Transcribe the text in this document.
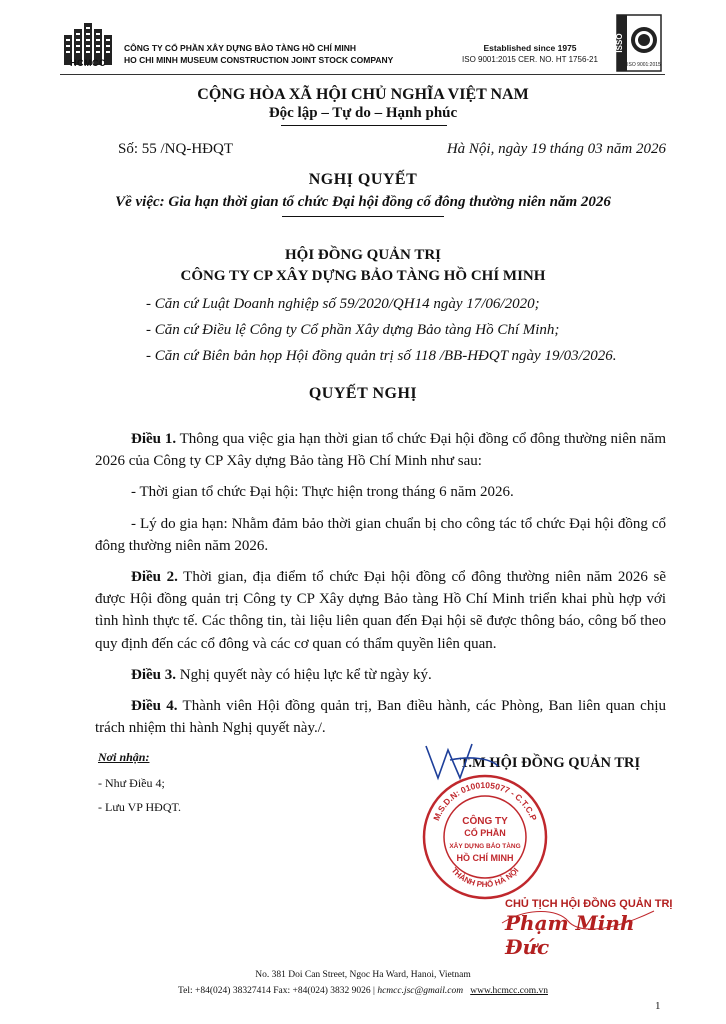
HCMCC
CÔNG TY CỔ PHẦN XÂY DỰNG BẢO TÀNG HỒ CHÍ MINH
HO CHI MINH MUSEUM CONSTRUCTION JOINT STOCK COMPANY
Established since 1975
ISO 9001:2015 CER. NO. HT 1756-21
ISSO
ISO 9001:2015
CỘNG HÒA XÃ HỘI CHỦ NGHĨA VIỆT NAM
Độc lập – Tự do – Hạnh phúc
Số: 55 /NQ-HĐQT	Hà Nội, ngày 19 tháng 03 năm 2026
NGHỊ QUYẾT
Về việc: Gia hạn thời gian tổ chức Đại hội đồng cổ đông thường niên năm 2026
HỘI ĐỒNG QUẢN TRỊ
CÔNG TY CP XÂY DỰNG BẢO TÀNG HỒ CHÍ MINH
- Căn cứ Luật Doanh nghiệp số 59/2020/QH14 ngày 17/06/2020;
- Căn cứ Điều lệ Công ty Cổ phần Xây dựng Bảo tàng Hồ Chí Minh;
- Căn cứ Biên bản họp Hội đồng quản trị số 118 /BB-HĐQT ngày 19/03/2026.
QUYẾT NGHỊ

Điều 1. Thông qua việc gia hạn thời gian tổ chức Đại hội đồng cổ đông thường niên năm 2026 của Công ty CP Xây dựng Bảo tàng Hồ Chí Minh như sau:

- Thời gian tổ chức Đại hội: Thực hiện trong tháng 6 năm 2026.

- Lý do gia hạn: Nhằm đảm bảo thời gian chuẩn bị cho công tác tổ chức Đại hội đồng cổ đông thường niên năm 2026.

Điều 2. Thời gian, địa điểm tổ chức Đại hội đồng cổ đông thường niên năm 2026 sẽ được Hội đồng quản trị Công ty CP Xây dựng Bảo tàng Hồ Chí Minh triển khai phù hợp với tình hình thực tế. Các thông tin, tài liệu liên quan đến Đại hội sẽ được thông báo, công bố theo quy định đến các cổ đông và các cơ quan có thẩm quyền liên quan.

Điều 3. Nghị quyết này có hiệu lực kể từ ngày ký.

Điều 4. Thành viên Hội đồng quản trị, Ban điều hành, các Phòng, Ban liên quan chịu trách nhiệm thi hành Nghị quyết này./.

Nơi nhận:
- Như Điều 4;
- Lưu VP HĐQT.
T.M HỘI ĐỒNG QUẢN TRỊ
M.S.D.N: 0100105077 - C.T.C.P
THÀNH PHỐ HÀ NỘI
CÔNG TY
CỔ PHẦN
XÂY DỰNG BẢO TÀNG
HỒ CHÍ MINH
CHỦ TỊCH HỘI ĐỒNG QUẢN TRỊ
Phạm Minh Đức
No. 381 Doi Can Street, Ngoc Ha Ward, Hanoi, Vietnam
Tel: +84(024) 38327414 Fax: +84(024) 3832 9026 | hcmcc.jsc@gmail.com www.hcmcc.com.vn
1
